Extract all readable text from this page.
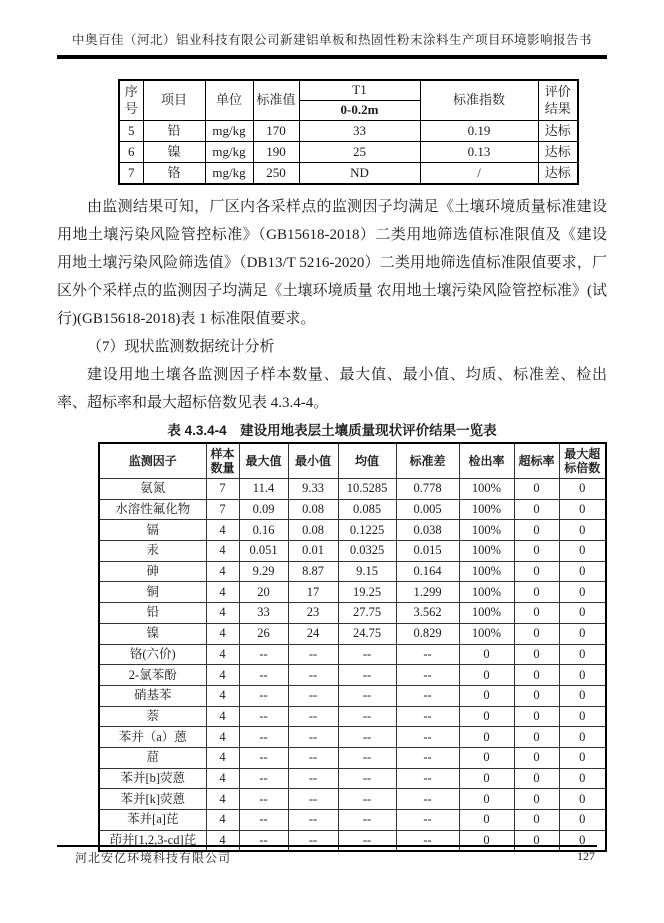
中奥百佳（河北）铝业科技有限公司新建铝单板和热固性粉末涂料生产项目环境影响报告书
序号	项目	单位	标准值	T1	标准指数	评价结果
				0-0.2m		
5	铅	mg/kg	170	33	0.19	达标
6	镍	mg/kg	190	25	0.13	达标
7	铬	mg/kg	250	ND	/	达标

由监测结果可知，厂区内各采样点的监测因子均满足《土壤环境质量标准建设用地土壤污染风险管控标准》（GB15618-2018）二类用地筛选值标准限值及《建设用地土壤污染风险筛选值》（DB13/T 5216-2020）二类用地筛选值标准限值要求，厂区外个采样点的监测因子均满足《土壤环境质量 农用地土壤污染风险管控标准》(试行)(GB15618-2018)表 1 标准限值要求。

（7）现状监测数据统计分析

建设用地土壤各监测因子样本数量、最大值、最小值、均质、标准差、检出率、超标率和最大超标倍数见表 4.3.4-4。

表 4.3.4-4　建设用地表层土壤质量现状评价结果一览表
监测因子	样本数量	最大值	最小值	均值	标准差	检出率	超标率	最大超标倍数
氨氮	7	11.4	9.33	10.5285	0.778	100%	0	0
水溶性氟化物	7	0.09	0.08	0.085	0.005	100%	0	0
镉	4	0.16	0.08	0.1225	0.038	100%	0	0
汞	4	0.051	0.01	0.0325	0.015	100%	0	0
砷	4	9.29	8.87	9.15	0.164	100%	0	0
铜	4	20	17	19.25	1.299	100%	0	0
铅	4	33	23	27.75	3.562	100%	0	0
镍	4	26	24	24.75	0.829	100%	0	0
铬(六价)	4	--	--	--	--	0	0	0
2-氯苯酚	4	--	--	--	--	0	0	0
硝基苯	4	--	--	--	--	0	0	0
萘	4	--	--	--	--	0	0	0
苯并（a）蒽	4	--	--	--	--	0	0	0
䓛	4	--	--	--	--	0	0	0
苯并[b]荧蒽	4	--	--	--	--	0	0	0
苯并[k]荧蒽	4	--	--	--	--	0	0	0
苯并[a]芘	4	--	--	--	--	0	0	0
茚并[1,2,3-cd]芘	4	--	--	--	--	0	0	0
河北安亿环境科技有限公司	127
